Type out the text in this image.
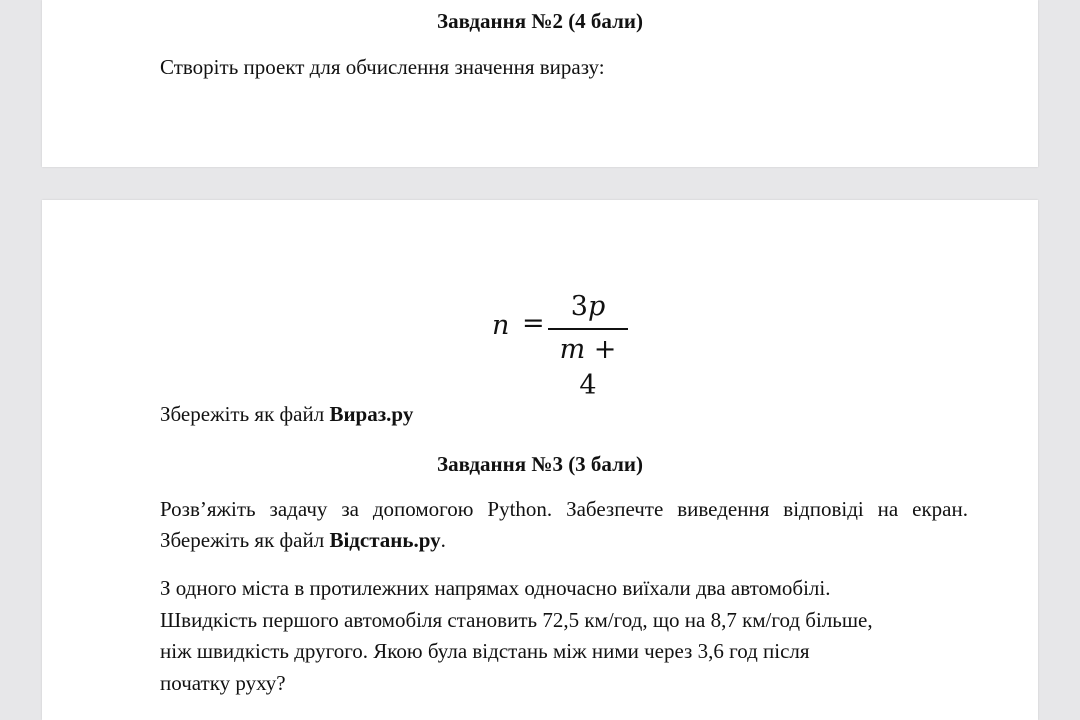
Завдання №2 (4 бали)
Створіть проект для обчислення значення виразу:
n =
3p
m + 4
Збережіть як файл Вираз.ру
Завдання №3 (3 бали)
Розв’яжіть задачу за допомогою Python. Забезпечте виведення відповіді на екран. Збережіть як файл Відстань.ру.
З одного міста в протилежних напрямах одночасно виїхали два автомобілі.
Швидкість першого автомобіля становить 72,5 км/год, що на 8,7 км/год більше,
ніж швидкість другого. Якою була відстань між ними через 3,6 год після
початку руху?
